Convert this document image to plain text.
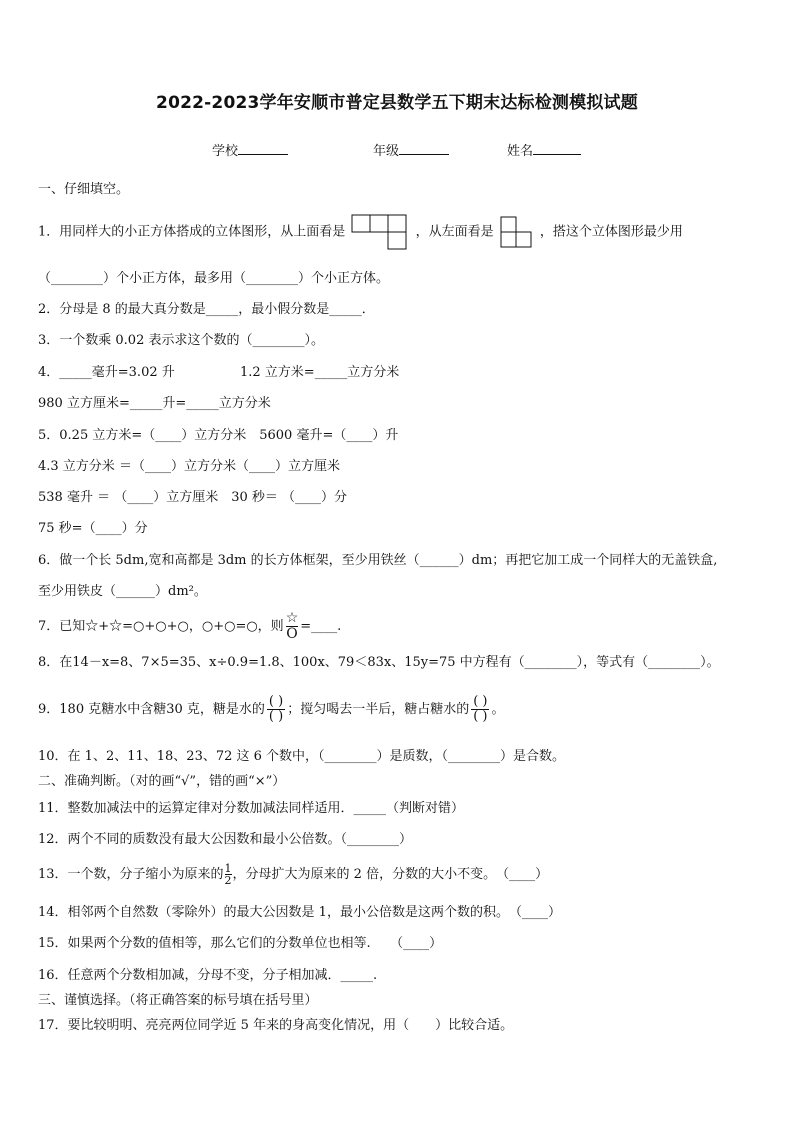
2022-2023学年安顺市普定县数学五下期末达标检测模拟试题
学校	年级	姓名
一、仔细填空。
1．用同样大的小正方体搭成的立体图形，从上面看是	，从左面看是	，搭这个立体图形最少用
（________）个小正方体，最多用（________）个小正方体。
2．分母是 8 的最大真分数是_____，最小假分数是_____．
3．一个数乘 0.02 表示求这个数的（________）。
4．_____毫升=3.02 升	1.2 立方米=_____立方分米
980 立方厘米=_____升=_____立方分米
5．0.25 立方米=（____）立方分米　5600 毫升=（____）升
4.3 立方分米 ＝（____）立方分米（____）立方厘米
538 毫升 ＝ （____）立方厘米　30 秒＝ （____）分
75 秒=（____）分
6．做一个长 5dm,宽和高都是 3dm 的长方体框架，至少用铁丝（______）dm；再把它加工成一个同样大的无盖铁盒,
至少用铁皮（______）dm²。
7．已知☆+☆=○+○+○，○+○=○，则 $\frac{☆}{O}$ =____.
8．在14－x=8、7×5=35、x÷0.9=1.8、100x、79＜83x、15y=75 中方程有（________），等式有（________）。
9．180 克糖水中含糖30 克，糖是水的 $\frac{( )}{( )}$ ；搅匀喝去一半后，糖占糖水的 $\frac{( )}{( )}$ 。
10．在 1、2、11、18、23、72 这 6 个数中，（________）是质数，（________）是合数。
二、准确判断。（对的画“√”，错的画“×”）
11．整数加减法中的运算定律对分数加减法同样适用．_____（判断对错）
12．两个不同的质数没有最大公因数和最小公倍数。（________）
13．一个数，分子缩小为原来的 $\frac{1}{2}$ ，分母扩大为原来的 2 倍，分数的大小不变。　（____）
14．相邻两个自然数（零除外）的最大公因数是 1，最小公倍数是这两个数的积。　（____）
15．如果两个分数的值相等，那么它们的分数单位也相等.　　（____）
16．任意两个分数相加减，分母不变，分子相加减．_____.
三、谨慎选择。（将正确答案的标号填在括号里）
17．要比较明明、亮亮两位同学近 5 年来的身高变化情况，用（　　）比较合适。
